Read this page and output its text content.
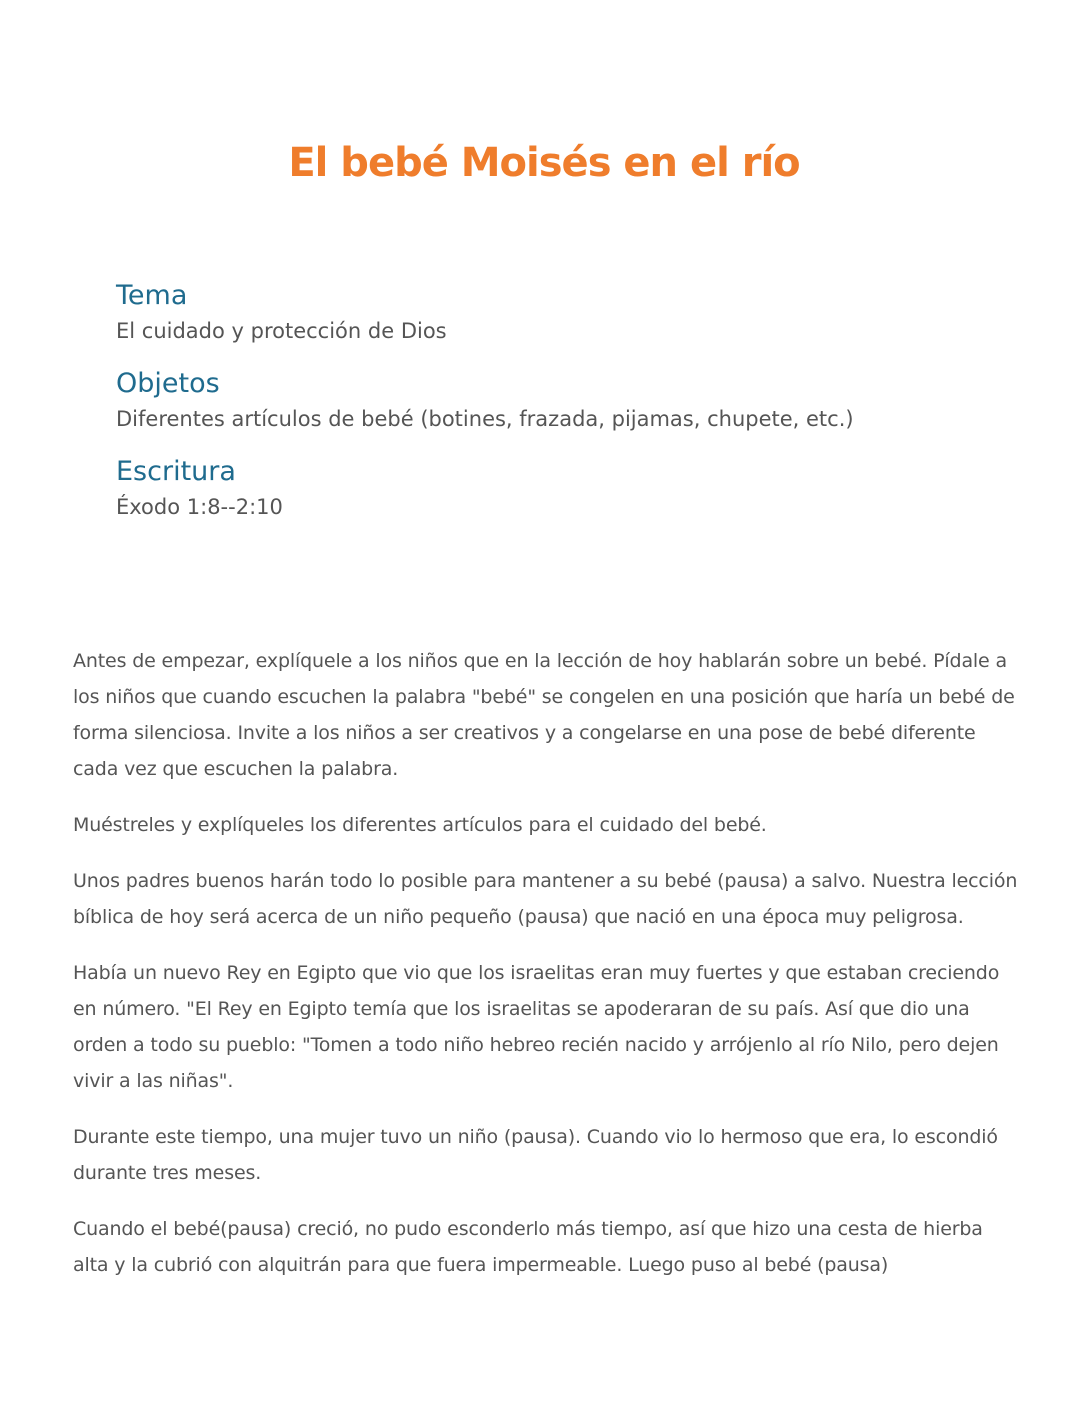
El bebé Moisés en el río
Tema

El cuidado y protección de Dios

Objetos

Diferentes artículos de bebé (botines, frazada, pijamas, chupete, etc.)

Escritura

Éxodo 1:8--2:10

Antes de empezar, explíquele a los niños que en la lección de hoy hablarán sobre un bebé. Pídale a los niños que cuando escuchen la palabra "bebé" se congelen en una posición que haría un bebé de forma silenciosa. Invite a los niños a ser creativos y a congelarse en una pose de bebé diferente cada vez que escuchen la palabra.

Muéstreles y explíqueles los diferentes artículos para el cuidado del bebé.

Unos padres buenos harán todo lo posible para mantener a su bebé (pausa) a salvo. Nuestra lección bíblica de hoy será acerca de un niño pequeño (pausa) que nació en una época muy peligrosa.

Había un nuevo Rey en Egipto que vio que los israelitas eran muy fuertes y que estaban creciendo en número. "El Rey en Egipto temía que los israelitas se apoderaran de su país. Así que dio una orden a todo su pueblo: "Tomen a todo niño hebreo recién nacido y arrójenlo al río Nilo, pero dejen vivir a las niñas".

Durante este tiempo, una mujer tuvo un niño (pausa). Cuando vio lo hermoso que era, lo escondió durante tres meses.

Cuando el bebé(pausa) creció, no pudo esconderlo más tiempo, así que hizo una cesta de hierba alta y la cubrió con alquitrán para que fuera impermeable. Luego puso al bebé (pausa)
